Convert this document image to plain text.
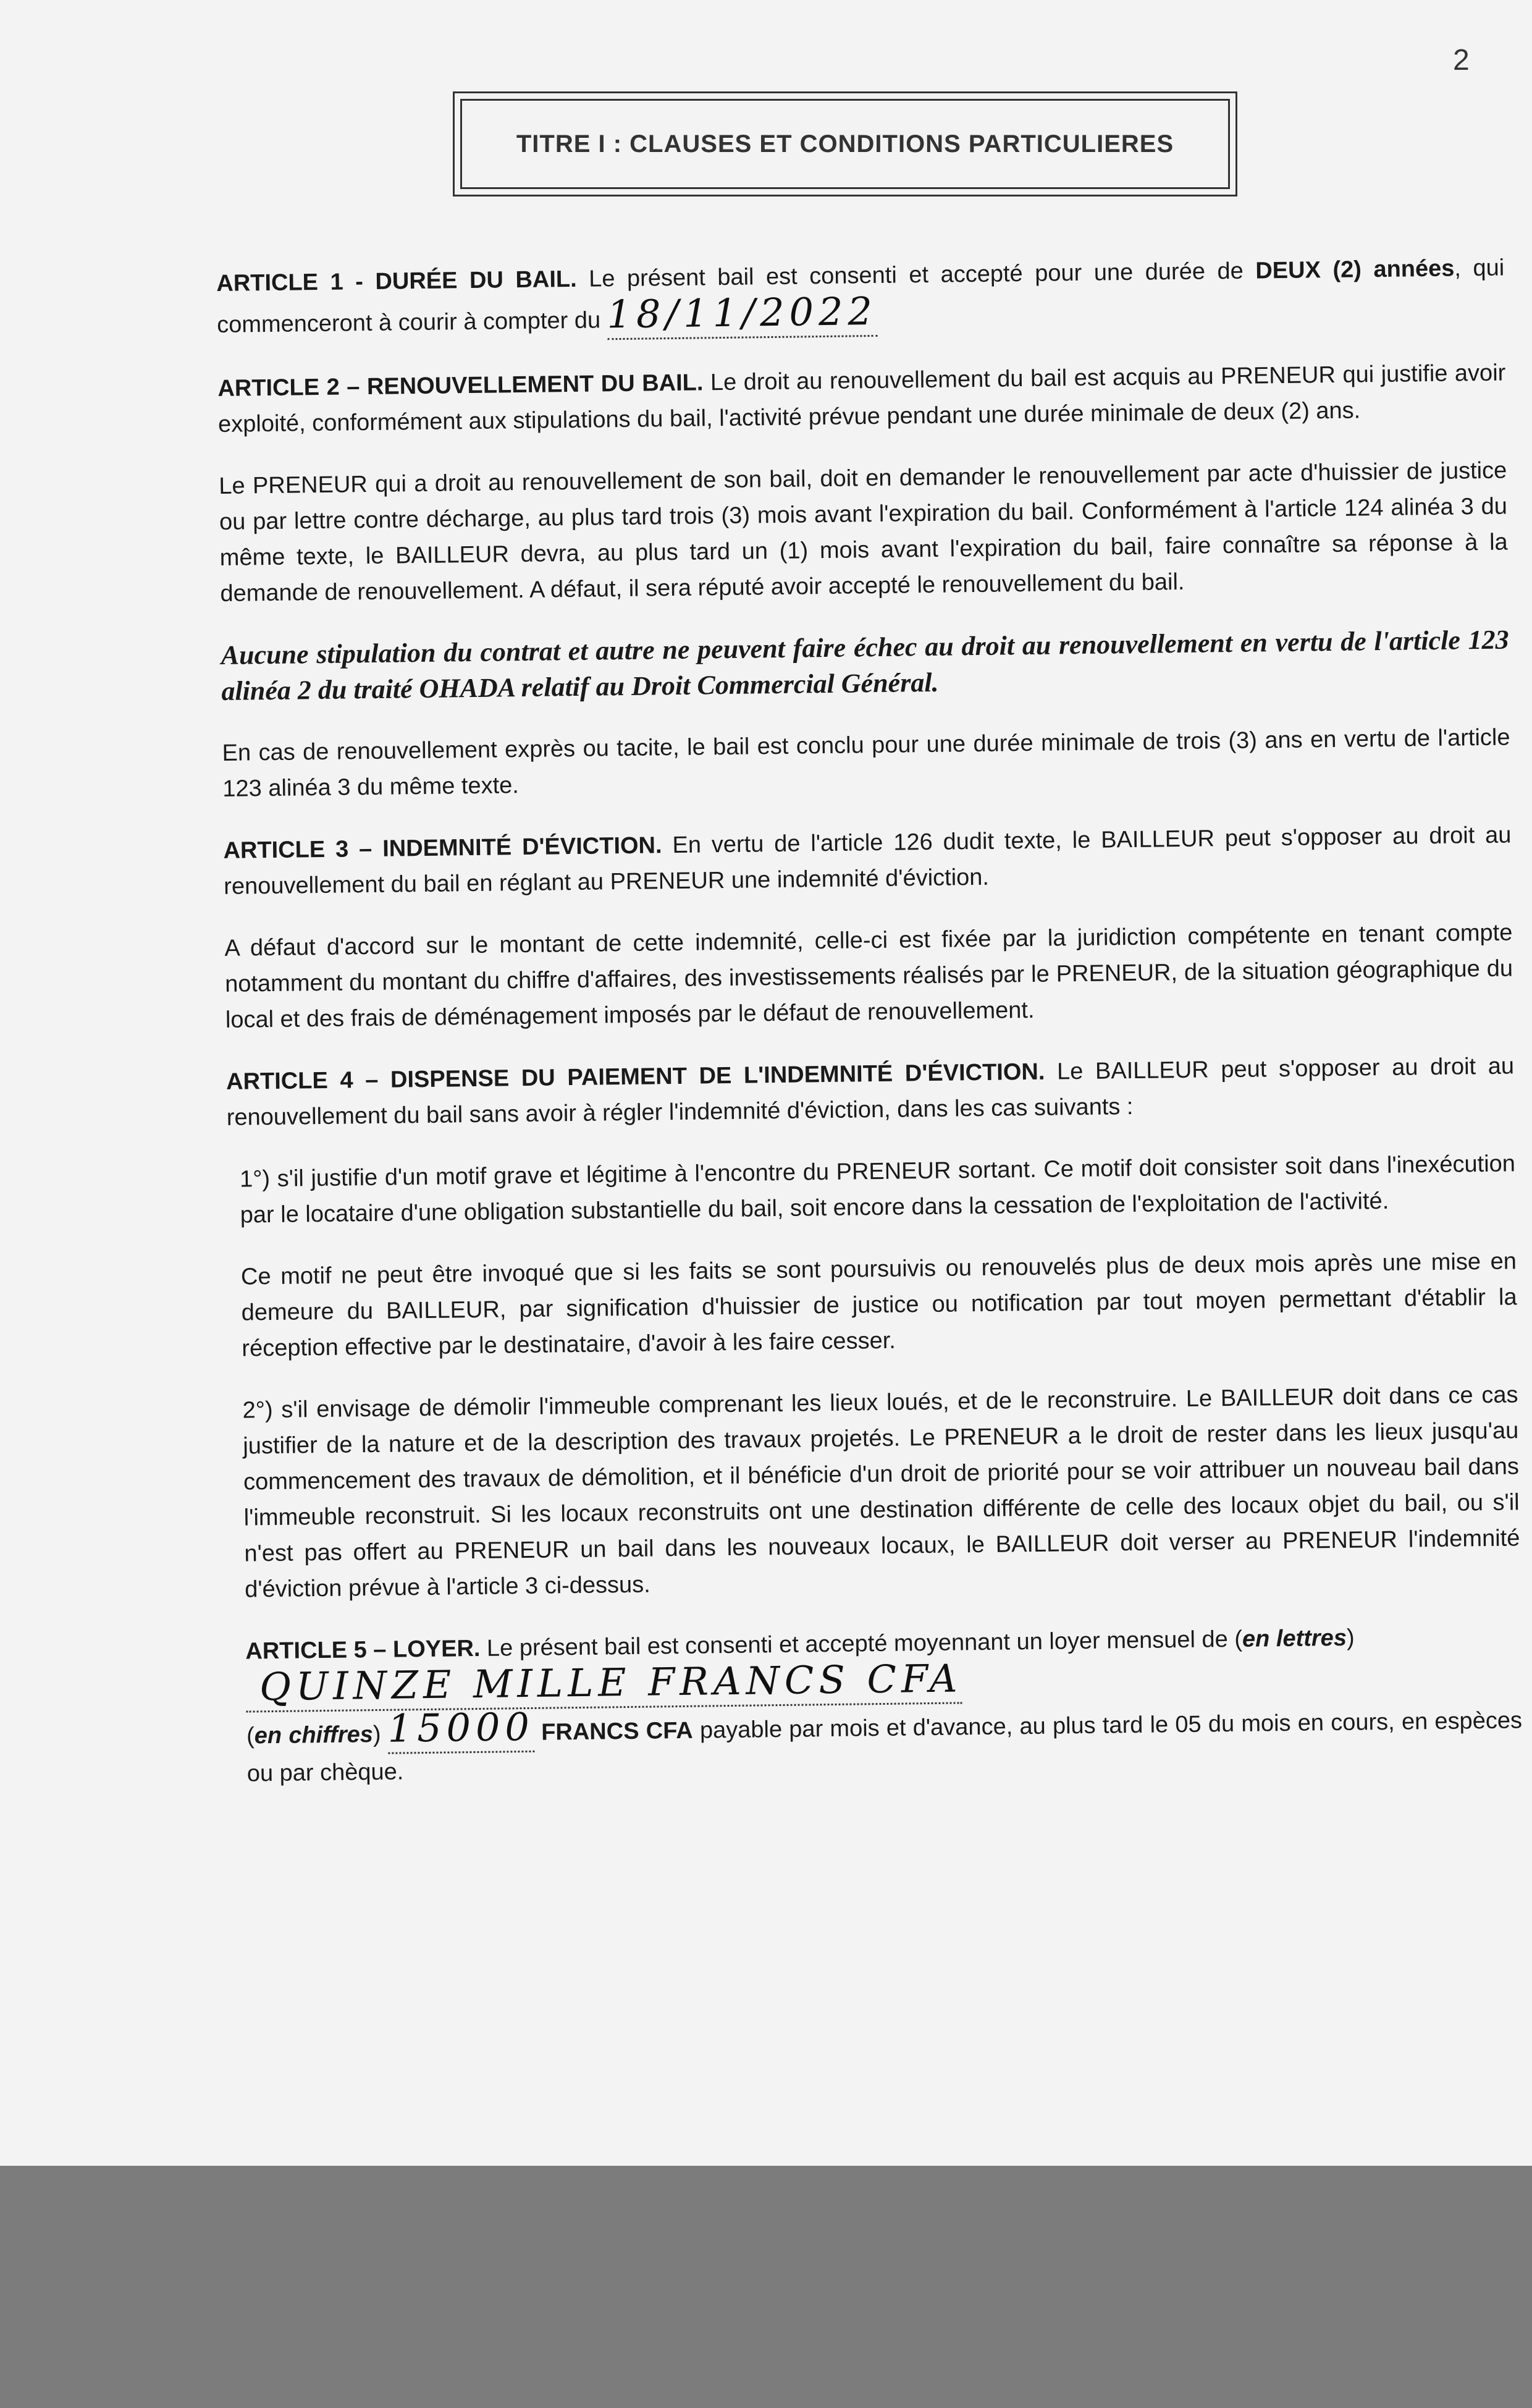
2
TITRE I : CLAUSES ET CONDITIONS PARTICULIERES

ARTICLE 1 - DURÉE DU BAIL. Le présent bail est consenti et accepté pour une durée de DEUX (2) années, qui commenceront à courir à compter du 18/11/2022

ARTICLE 2 – RENOUVELLEMENT DU BAIL. Le droit au renouvellement du bail est acquis au PRENEUR qui justifie avoir exploité, conformément aux stipulations du bail, l'activité prévue pendant une durée minimale de deux (2) ans.

Le PRENEUR qui a droit au renouvellement de son bail, doit en demander le renouvellement par acte d'huissier de justice ou par lettre contre décharge, au plus tard trois (3) mois avant l'expiration du bail. Conformément à l'article 124 alinéa 3 du même texte, le BAILLEUR devra, au plus tard un (1) mois avant l'expiration du bail, faire connaître sa réponse à la demande de renouvellement. A défaut, il sera réputé avoir accepté le renouvellement du bail.

Aucune stipulation du contrat et autre ne peuvent faire échec au droit au renouvellement en vertu de l'article 123 alinéa 2 du traité OHADA relatif au Droit Commercial Général.

En cas de renouvellement exprès ou tacite, le bail est conclu pour une durée minimale de trois (3) ans en vertu de l'article 123 alinéa 3 du même texte.

ARTICLE 3 – INDEMNITÉ D'ÉVICTION. En vertu de l'article 126 dudit texte, le BAILLEUR peut s'opposer au droit au renouvellement du bail en réglant au PRENEUR une indemnité d'éviction.

A défaut d'accord sur le montant de cette indemnité, celle-ci est fixée par la juridiction compétente en tenant compte notamment du montant du chiffre d'affaires, des investissements réalisés par le PRENEUR, de la situation géographique du local et des frais de déménagement imposés par le défaut de renouvellement.

ARTICLE 4 – DISPENSE DU PAIEMENT DE L'INDEMNITÉ D'ÉVICTION. Le BAILLEUR peut s'opposer au droit au renouvellement du bail sans avoir à régler l'indemnité d'éviction, dans les cas suivants :

1°) s'il justifie d'un motif grave et légitime à l'encontre du PRENEUR sortant. Ce motif doit consister soit dans l'inexécution par le locataire d'une obligation substantielle du bail, soit encore dans la cessation de l'exploitation de l'activité.

Ce motif ne peut être invoqué que si les faits se sont poursuivis ou renouvelés plus de deux mois après une mise en demeure du BAILLEUR, par signification d'huissier de justice ou notification par tout moyen permettant d'établir la réception effective par le destinataire, d'avoir à les faire cesser.

2°) s'il envisage de démolir l'immeuble comprenant les lieux loués, et de le reconstruire. Le BAILLEUR doit dans ce cas justifier de la nature et de la description des travaux projetés. Le PRENEUR a le droit de rester dans les lieux jusqu'au commencement des travaux de démolition, et il bénéficie d'un droit de priorité pour se voir attribuer un nouveau bail dans l'immeuble reconstruit. Si les locaux reconstruits ont une destination différente de celle des locaux objet du bail, ou s'il n'est pas offert au PRENEUR un bail dans les nouveaux locaux, le BAILLEUR doit verser au PRENEUR l'indemnité d'éviction prévue à l'article 3 ci-dessus.

ARTICLE 5 – LOYER. Le présent bail est consenti et accepté moyennant un loyer mensuel de (en lettres)
QUINZE MILLE FRANCS CFA
(en chiffres) 15000 FRANCS CFA payable par mois et d'avance, au plus tard le 05 du mois en cours, en espèces ou par chèque.
